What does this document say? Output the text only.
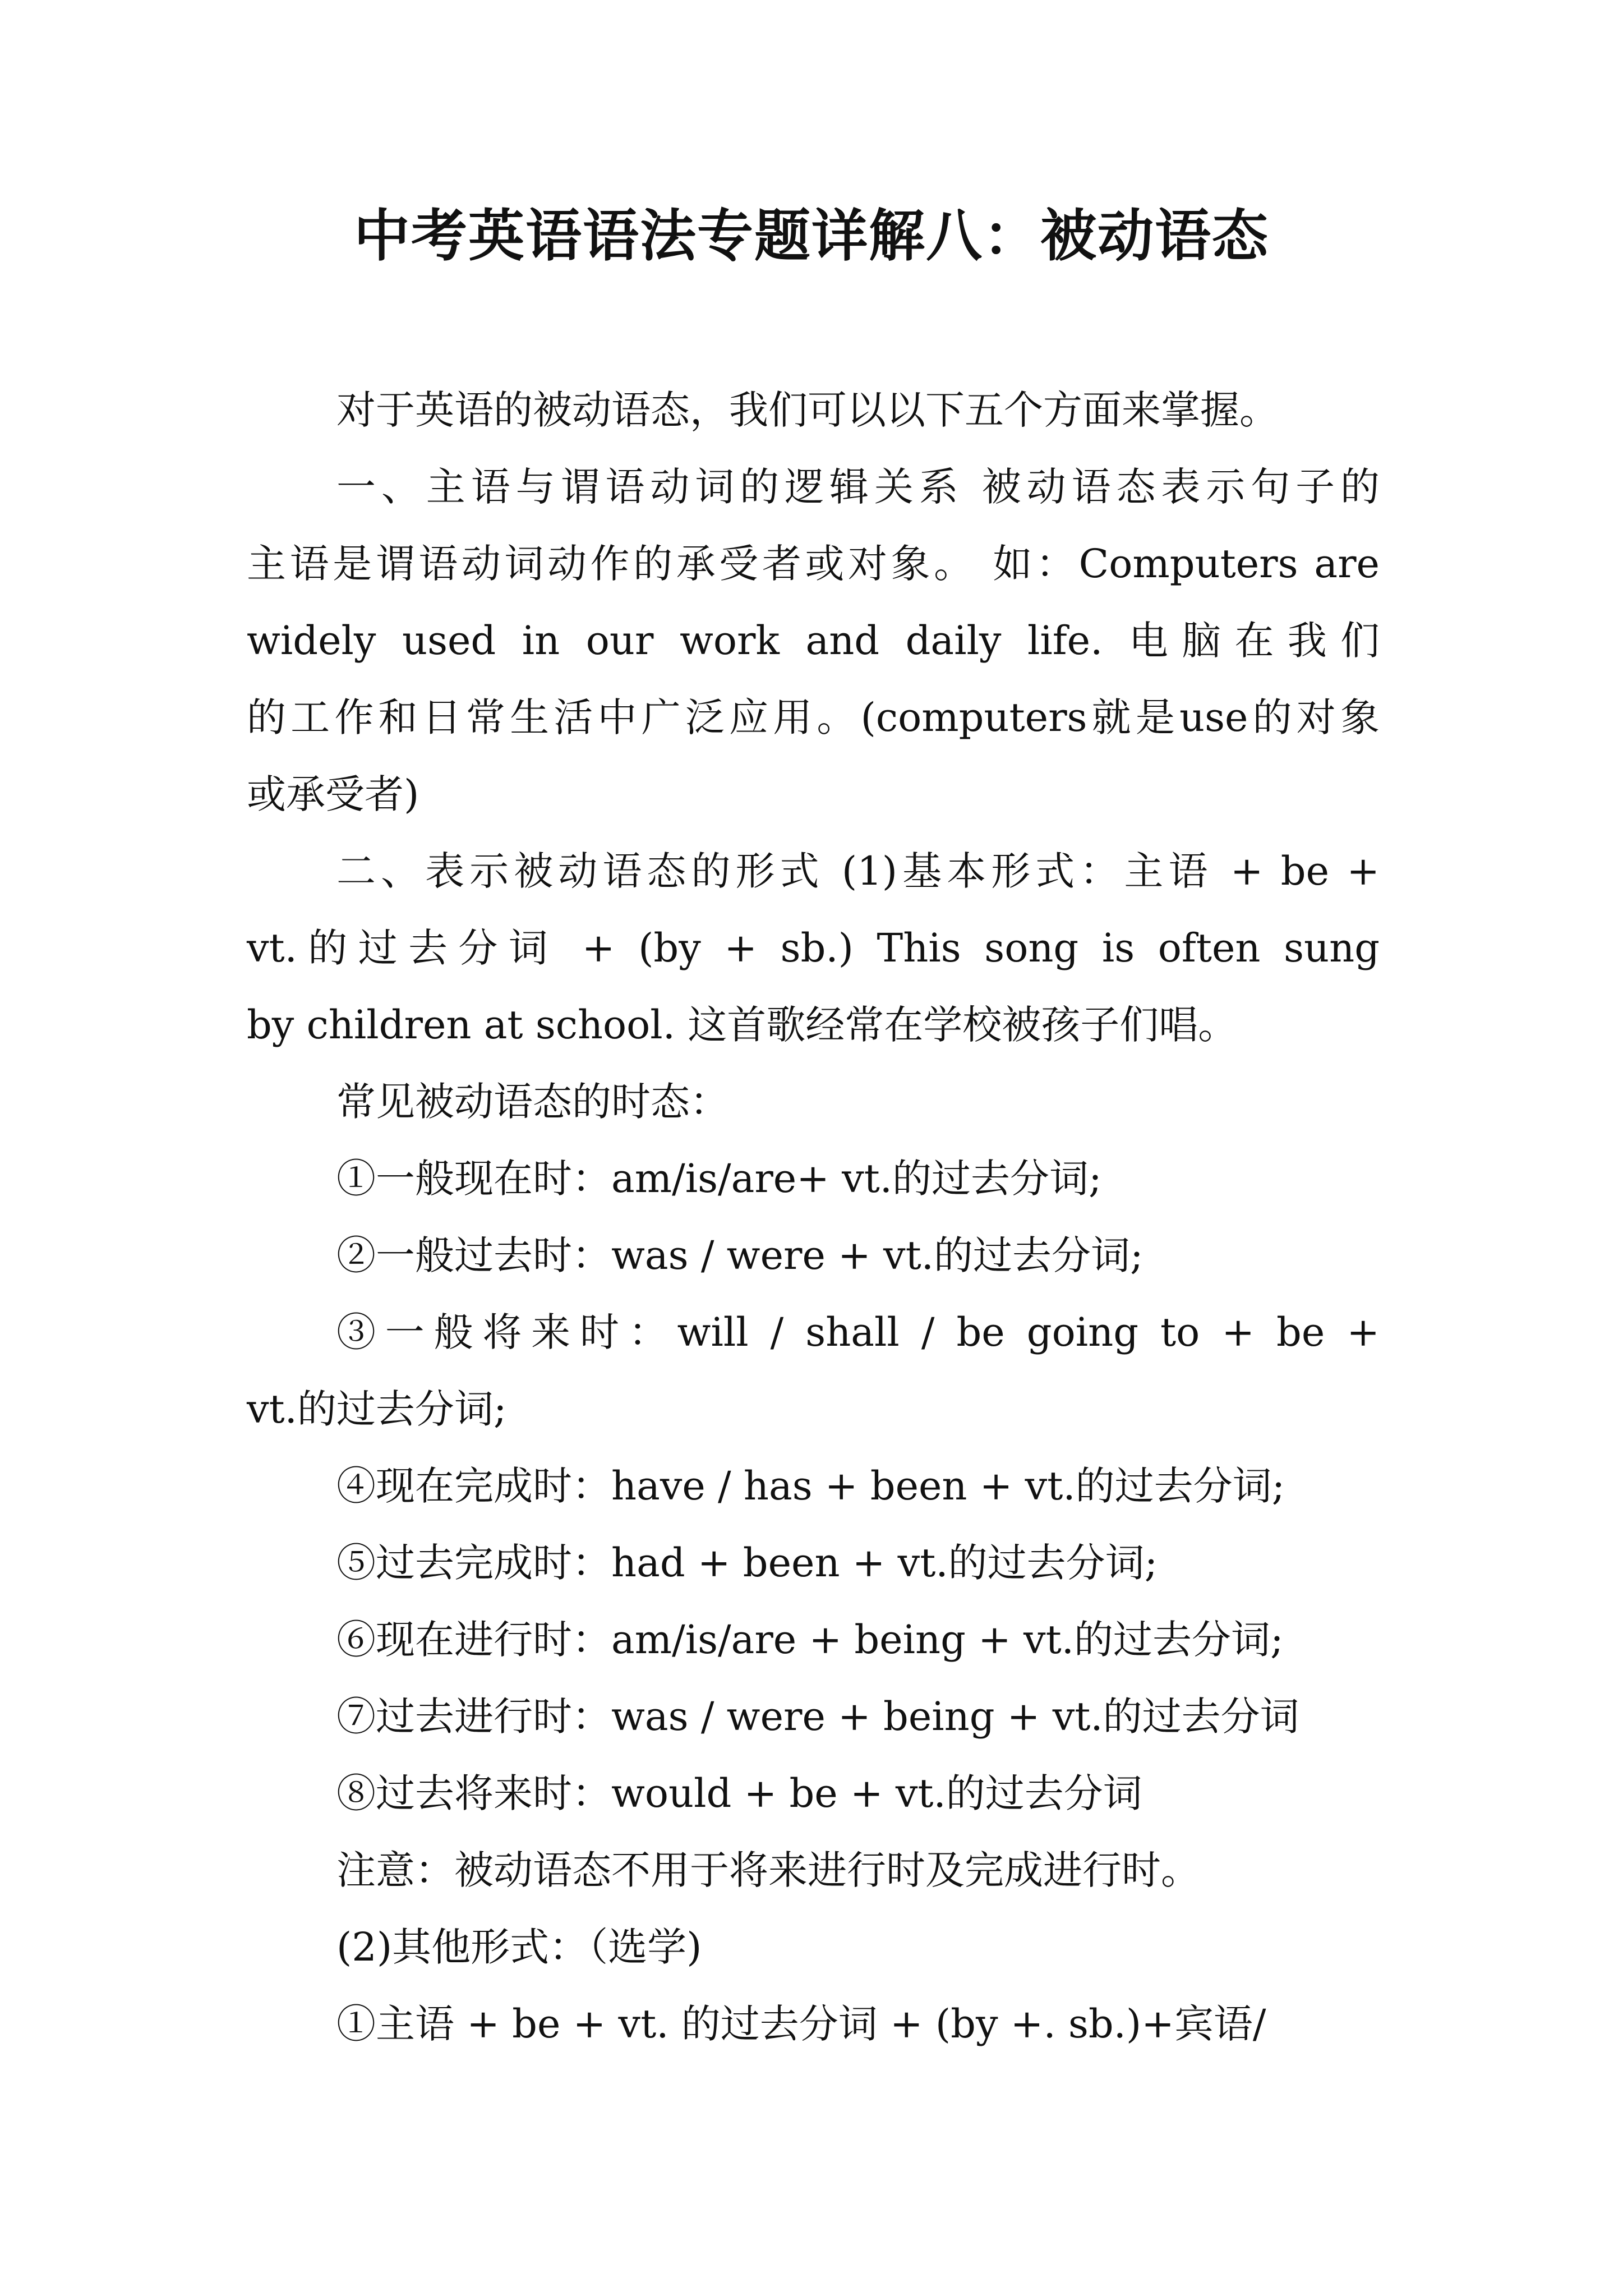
中考英语语法专题详解八：被动语态

对于英语的被动语态，我们可以以下五个方面来掌握。

一、主语与谓语动词的逻辑关系 被动语态表示句子的

主语是谓语动词动作的承受者或对象。 如：Computers are

widely used in our work and daily life. 电脑在我们

的工作和日常生活中广泛应用。(computers就是use的对象

或承受者)

二、表示被动语态的形式 (1)基本形式：主语 + be +

vt.的过去分词 + (by + sb.) This song is often sung

by children at school. 这首歌经常在学校被孩子们唱。

常见被动语态的时态：

①一般现在时：am/is/are+ vt.的过去分词;

②一般过去时：was / were + vt.的过去分词;

③一般将来时：will / shall / be going to + be +

vt.的过去分词;

④现在完成时：have / has + been + vt.的过去分词;

⑤过去完成时：had + been + vt.的过去分词;

⑥现在进行时：am/is/are + being + vt.的过去分词;

⑦过去进行时：was / were + being + vt.的过去分词

⑧过去将来时：would + be + vt.的过去分词

注意：被动语态不用于将来进行时及完成进行时。

(2)其他形式：（选学)

①主语 + be + vt. 的过去分词 + (by +. sb.)+宾语/
